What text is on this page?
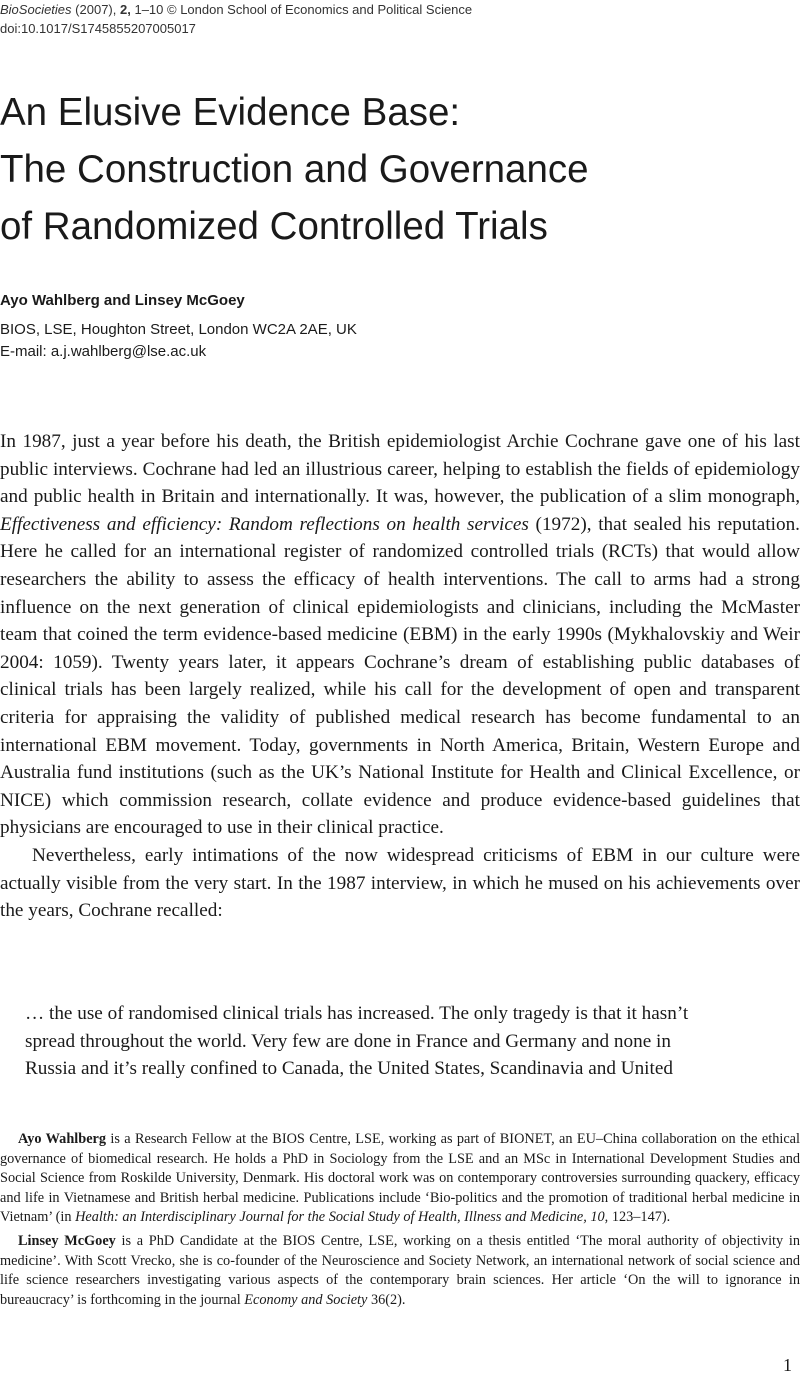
BioSocieties (2007), 2, 1–10 © London School of Economics and Political Science
doi:10.1017/S1745855207005017
An Elusive Evidence Base:
The Construction and Governance
of Randomized Controlled Trials
Ayo Wahlberg and Linsey McGoey
BIOS, LSE, Houghton Street, London WC2A 2AE, UK
E-mail: a.j.wahlberg@lse.ac.uk

In 1987, just a year before his death, the British epidemiologist Archie Cochrane gave one of his last public interviews. Cochrane had led an illustrious career, helping to establish the fields of epidemiology and public health in Britain and internationally. It was, however, the publication of a slim monograph, Effectiveness and efficiency: Random reflections on health services (1972), that sealed his reputation. Here he called for an international register of randomized controlled trials (RCTs) that would allow researchers the ability to assess the efficacy of health interventions. The call to arms had a strong influence on the next generation of clinical epidemiologists and clinicians, including the McMaster team that coined the term evidence-based medicine (EBM) in the early 1990s (Mykhalovskiy and Weir 2004: 1059). Twenty years later, it appears Cochrane’s dream of establishing public databases of clinical trials has been largely realized, while his call for the development of open and transparent criteria for appraising the validity of published medical research has become fundamental to an international EBM movement. Today, governments in North America, Britain, Western Europe and Australia fund institutions (such as the UK’s National Institute for Health and Clinical Excellence, or NICE) which commission research, collate evidence and produce evidence-based guidelines that physicians are encouraged to use in their clinical practice.

Nevertheless, early intimations of the now widespread criticisms of EBM in our culture were actually visible from the very start. In the 1987 interview, in which he mused on his achievements over the years, Cochrane recalled:

… the use of randomised clinical trials has increased. The only tragedy is that it hasn’t
spread throughout the world. Very few are done in France and Germany and none in
Russia and it’s really confined to Canada, the United States, Scandinavia and United

Ayo Wahlberg is a Research Fellow at the BIOS Centre, LSE, working as part of BIONET, an EU–China collaboration on the ethical governance of biomedical research. He holds a PhD in Sociology from the LSE and an MSc in International Development Studies and Social Science from Roskilde University, Denmark. His doctoral work was on contemporary controversies surrounding quackery, efficacy and life in Vietnamese and British herbal medicine. Publications include ‘Bio-politics and the promotion of traditional herbal medicine in Vietnam’ (in Health: an Interdisciplinary Journal for the Social Study of Health, Illness and Medicine, 10, 123–147).

Linsey McGoey is a PhD Candidate at the BIOS Centre, LSE, working on a thesis entitled ‘The moral authority of objectivity in medicine’. With Scott Vrecko, she is co-founder of the Neuroscience and Society Network, an international network of social science and life science researchers investigating various aspects of the contemporary brain sciences. Her article ‘On the will to ignorance in bureaucracy’ is forthcoming in the journal Economy and Society 36(2).

1
